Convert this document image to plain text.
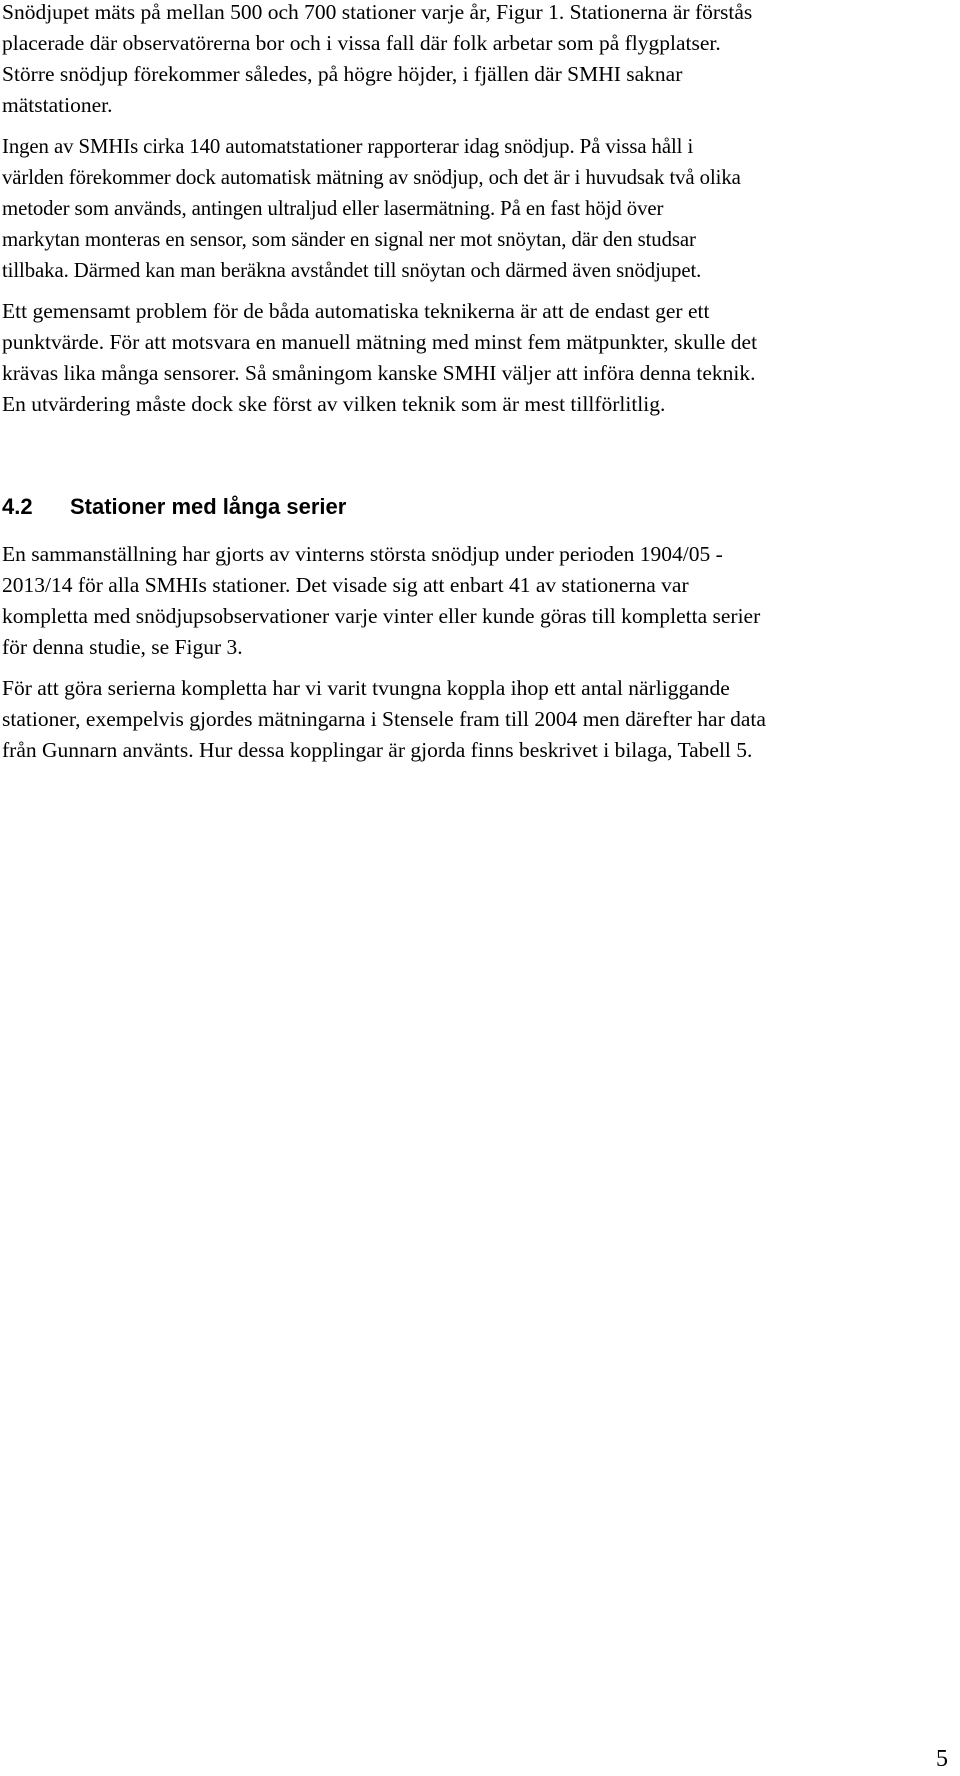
Snödjupet mäts på mellan 500 och 700 stationer varje år, Figur 1. Stationerna är förstås
placerade där observatörerna bor och i vissa fall där folk arbetar som på flygplatser.
Större snödjup förekommer således, på högre höjder, i fjällen där SMHI saknar
mätstationer.

Ingen av SMHIs cirka 140 automatstationer rapporterar idag snödjup. På vissa håll i
världen förekommer dock automatisk mätning av snödjup, och det är i huvudsak två olika
metoder som används, antingen ultraljud eller lasermätning. På en fast höjd över
markytan monteras en sensor, som sänder en signal ner mot snöytan, där den studsar
tillbaka. Därmed kan man beräkna avståndet till snöytan och därmed även snödjupet.

Ett gemensamt problem för de båda automatiska teknikerna är att de endast ger ett
punktvärde. För att motsvara en manuell mätning med minst fem mätpunkter, skulle det
krävas lika många sensorer. Så småningom kanske SMHI väljer att införa denna teknik.
En utvärdering måste dock ske först av vilken teknik som är mest tillförlitlig.

4.2 Stationer med långa serier

En sammanställning har gjorts av vinterns största snödjup under perioden 1904/05 -
2013/14 för alla SMHIs stationer. Det visade sig att enbart 41 av stationerna var
kompletta med snödjupsobservationer varje vinter eller kunde göras till kompletta serier
för denna studie, se Figur 3.

För att göra serierna kompletta har vi varit tvungna koppla ihop ett antal närliggande
stationer, exempelvis gjordes mätningarna i Stensele fram till 2004 men därefter har data
från Gunnarn använts. Hur dessa kopplingar är gjorda finns beskrivet i bilaga, Tabell 5.

5
